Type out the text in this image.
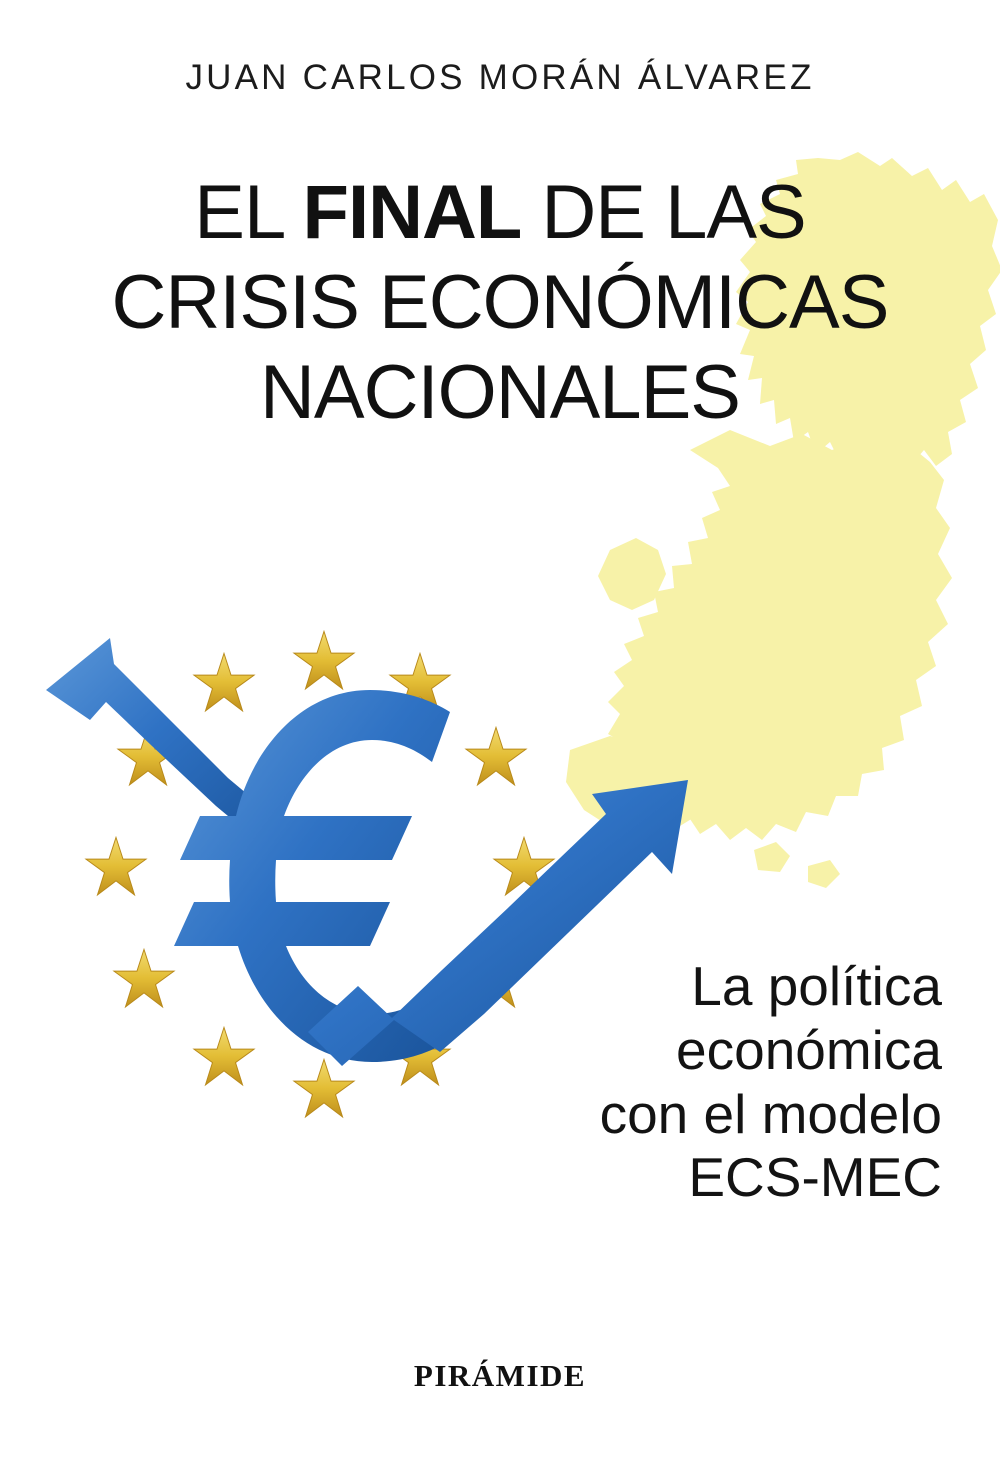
JUAN CARLOS MORÁN ÁLVAREZ
EL FINAL DE LAS
CRISIS ECONÓMICAS
NACIONALES
La política
económica
con el modelo
ECS-MEC
PIRÁMIDE
